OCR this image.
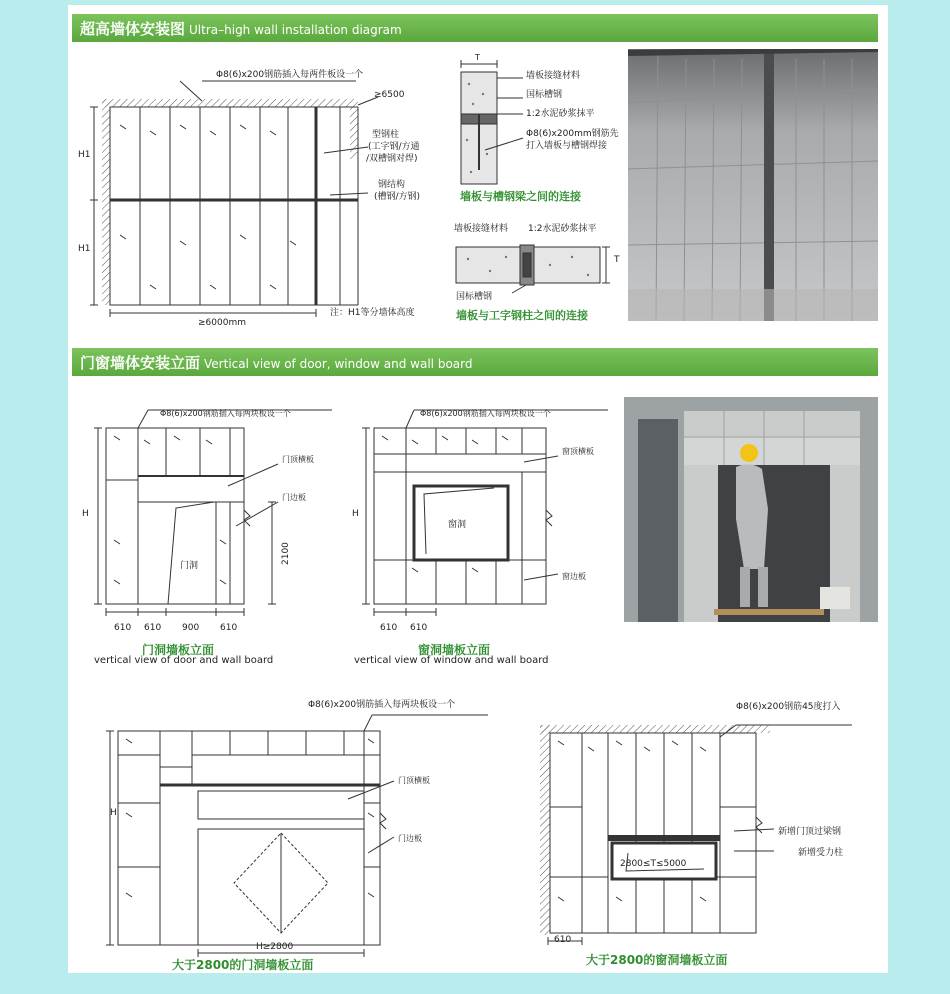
超高墙体安装图 Ultra–high wall installation diagram
Φ8(6)x200钢筋插入每两件板设一个
≥6500
H1
H1
型钢柱
(工字钢/方通
/双槽钢对焊)
钢结构
(槽钢/方钢)
≥6000mm
注：H1等分墙体高度
T
墙板接缝材料
国标槽钢
1:2水泥砂浆抹平
Φ8(6)x200mm钢筋先
打入墙板与槽钢焊接
墙板与槽钢梁之间的连接
墙板接缝材料 1:2水泥砂浆抹平
T
国标槽钢
墙板与工字钢柱之间的连接
门窗墙体安装立面 Vertical view of door, window and wall board
Φ8(6)x200钢筋插入每两块板设一个
门顶横板
门边板
H
门洞
2100
610 610 900 610
门洞墙板立面
vertical view of door and wall board
Φ8(6)x200钢筋插入每两块板设一个
窗顶横板
H
窗洞
窗边板
610 610
窗洞墙板立面
vertical view of window and wall board
H
门顶横板
门边板
H≥2800
Φ8(6)x200钢筋插入每两块板设一个
大于2800的门洞墙板立面
Φ8(6)x200钢筋45度打入
新增门顶过梁钢
新增受力柱
2800≤T≤5000
610
大于2800的窗洞墙板立面
